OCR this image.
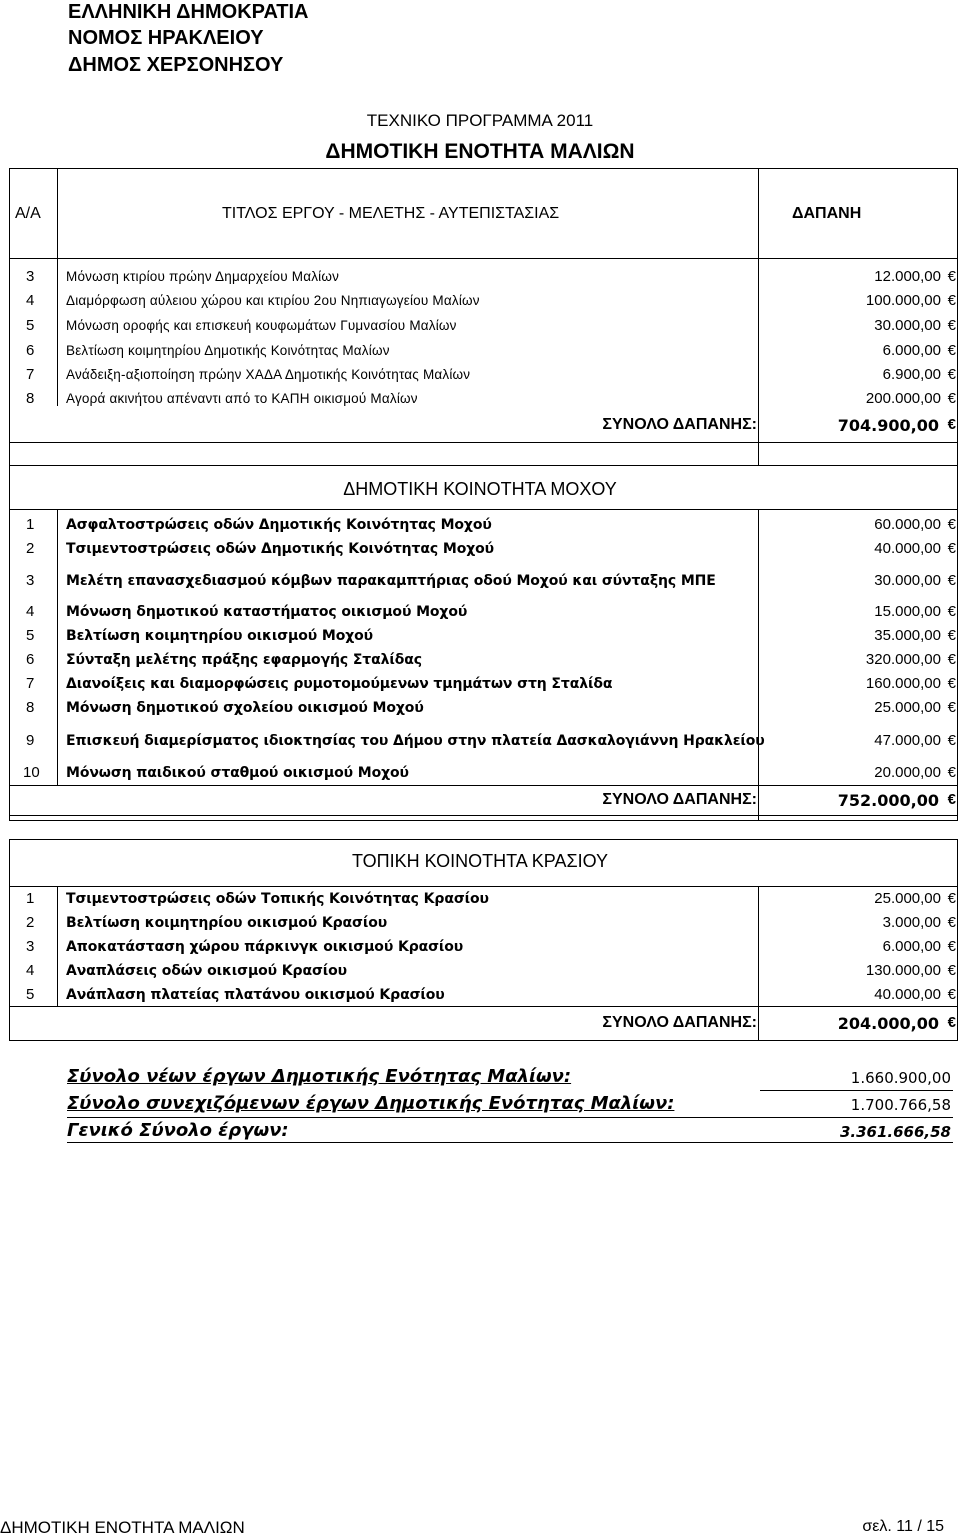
ΕΛΛΗΝΙΚΗ ΔΗΜΟΚΡΑΤΙΑ
ΝΟΜΟΣ ΗΡΑΚΛΕΙΟΥ
ΔΗΜΟΣ ΧΕΡΣΟΝΗΣΟΥ
ΤΕΧΝΙΚΟ ΠΡΟΓΡΑΜΜΑ 2011
ΔΗΜΟΤΙΚΗ ΕΝΟΤΗΤΑ ΜΑΛΙΩΝ
Α/Α	ΤΙΤΛΟΣ ΕΡΓΟΥ - ΜΕΛΕΤΗΣ - ΑΥΤΕΠΙΣΤΑΣΙΑΣ	ΔΑΠΑΝΗ
3 Μόνωση κτιρίου πρώην Δημαρχείου Μαλίων	12.000,00 €
4 Διαμόρφωση αύλειου χώρου και κτιρίου 2ου Νηπιαγωγείου Μαλίων	100.000,00 €
5 Μόνωση οροφής και επισκευή κουφωμάτων Γυμνασίου Μαλίων	30.000,00 €
6 Βελτίωση κοιμητηρίου Δημοτικής Κοινότητας Μαλίων	6.000,00 €
7 Ανάδειξη-αξιοποίηση πρώην ΧΑΔΑ Δημοτικής Κοινότητας Μαλίων	6.900,00 €
8 Αγορά ακινήτου απέναντι από το ΚΑΠΗ οικισμού Μαλίων	200.000,00 €
ΣΥΝΟΛΟ ΔΑΠΑΝΗΣ:	704.900,00 €
ΔΗΜΟΤΙΚΗ ΚΟΙΝΟΤΗΤΑ ΜΟΧΟΥ
1 Ασφαλτοστρώσεις οδών Δημοτικής Κοινότητας Μοχού	60.000,00 €
2 Τσιμεντοστρώσεις οδών Δημοτικής Κοινότητας Μοχού	40.000,00 €
3 Μελέτη επανασχεδιασμού κόμβων παρακαμπτήριας οδού Μοχού και σύνταξης ΜΠΕ	30.000,00 €
4 Μόνωση δημοτικού καταστήματος οικισμού Μοχού	15.000,00 €
5 Βελτίωση κοιμητηρίου οικισμού Μοχού	35.000,00 €
6 Σύνταξη μελέτης πράξης εφαρμογής Σταλίδας	320.000,00 €
7 Διανοίξεις και διαμορφώσεις ρυμοτομούμενων τμημάτων στη Σταλίδα	160.000,00 €
8 Μόνωση δημοτικού σχολείου οικισμού Μοχού	25.000,00 €
9 Επισκευή διαμερίσματος ιδιοκτησίας του Δήμου στην πλατεία Δασκαλογιάννη Ηρακλείου	47.000,00 €
10 Μόνωση παιδικού σταθμού οικισμού Μοχού	20.000,00 €
ΣΥΝΟΛΟ ΔΑΠΑΝΗΣ:	752.000,00 €
ΤΟΠΙΚΗ ΚΟΙΝΟΤΗΤΑ ΚΡΑΣΙΟΥ
1 Τσιμεντοστρώσεις οδών Τοπικής Κοινότητας Κρασίου	25.000,00 €
2 Βελτίωση κοιμητηρίου οικισμού Κρασίου	3.000,00 €
3 Αποκατάσταση χώρου πάρκινγκ οικισμού Κρασίου	6.000,00 €
4 Αναπλάσεις οδών οικισμού Κρασίου	130.000,00 €
5 Ανάπλαση πλατείας πλατάνου οικισμού Κρασίου	40.000,00 €
ΣΥΝΟΛΟ ΔΑΠΑΝΗΣ:	204.000,00 €
Σύνολο νέων έργων Δημοτικής Ενότητας Μαλίων:	1.660.900,00
Σύνολο συνεχιζόμενων έργων Δημοτικής Ενότητας Μαλίων:	1.700.766,58
Γενικό Σύνολο έργων:	3.361.666,58
ΔΗΜΟΤΙΚΗ ΕΝΟΤΗΤΑ ΜΑΛΙΩΝ	σελ. 11 / 15
